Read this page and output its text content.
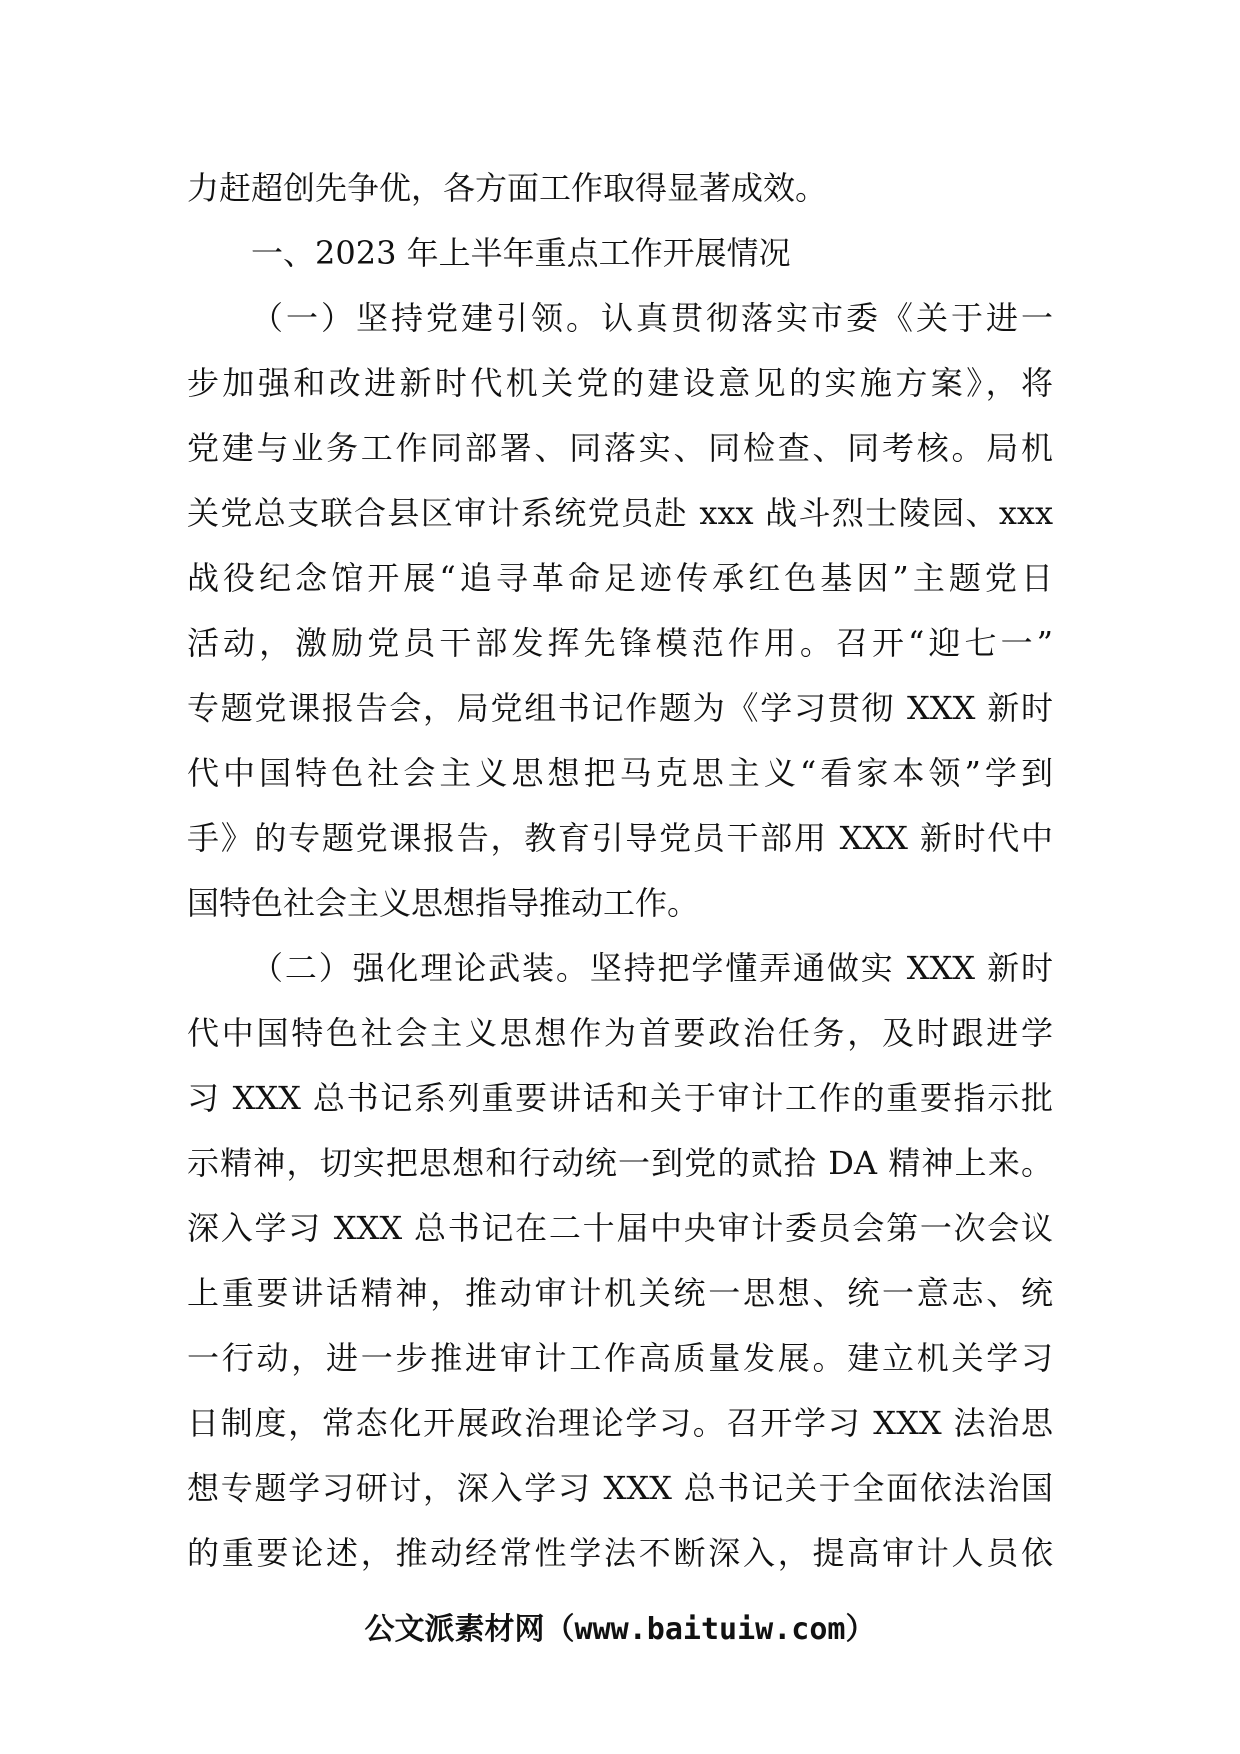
力赶超创先争优，各方面工作取得显著成效。
一、2023 年上半年重点工作开展情况
（一）坚持党建引领。认真贯彻落实市委《关于进一
步加强和改进新时代机关党的建设意见的实施方案》，将
党建与业务工作同部署、同落实、同检查、同考核。局机
关党总支联合县区审计系统党员赴 xxx 战斗烈士陵园、xxx
战役纪念馆开展“追寻革命足迹传承红色基因”主题党日
活动，激励党员干部发挥先锋模范作用。召开“迎七一”
专题党课报告会，局党组书记作题为《学习贯彻 XXX 新时
代中国特色社会主义思想把马克思主义“看家本领”学到
手》的专题党课报告，教育引导党员干部用 XXX 新时代中
国特色社会主义思想指导推动工作。
（二）强化理论武装。坚持把学懂弄通做实 XXX 新时
代中国特色社会主义思想作为首要政治任务，及时跟进学
习 XXX 总书记系列重要讲话和关于审计工作的重要指示批
示精神，切实把思想和行动统一到党的贰拾 DA 精神上来。
深入学习 XXX 总书记在二十届中央审计委员会第一次会议
上重要讲话精神，推动审计机关统一思想、统一意志、统
一行动，进一步推进审计工作高质量发展。建立机关学习
日制度，常态化开展政治理论学习。召开学习 XXX 法治思
想专题学习研讨，深入学习 XXX 总书记关于全面依法治国
的重要论述，推动经常性学法不断深入，提高审计人员依
公文派素材网（www.baituiw.com）
